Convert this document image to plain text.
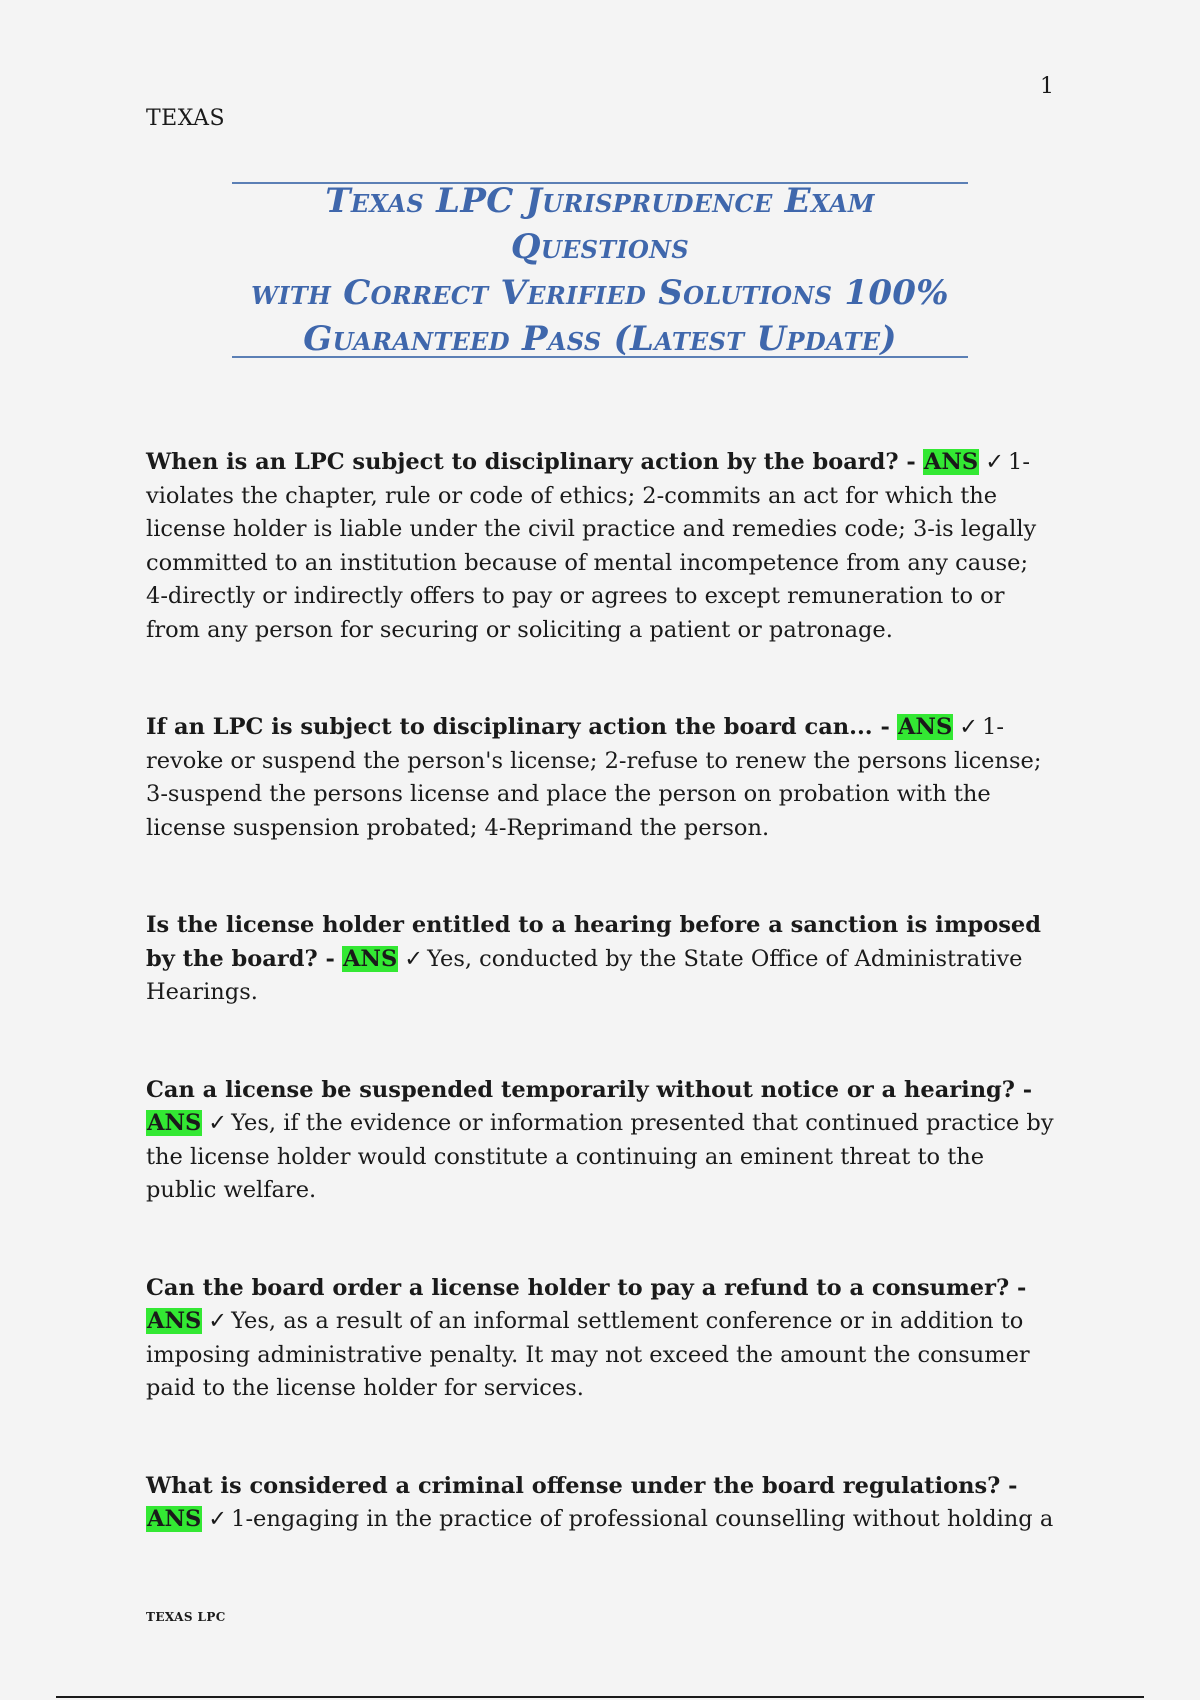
1
TEXAS
Texas LPC Jurisprudence Exam Questions
with Correct Verified Solutions 100%
Guaranteed Pass (Latest Update)

When is an LPC subject to disciplinary action by the board? - ANS ✓ 1-violates the chapter, rule or code of ethics; 2-commits an act for which the license holder is liable under the civil practice and remedies code; 3-is legally committed to an institution because of mental incompetence from any cause; 4-directly or indirectly offers to pay or agrees to except remuneration to or from any person for securing or soliciting a patient or patronage.

If an LPC is subject to disciplinary action the board can... - ANS ✓ 1-revoke or suspend the person's license; 2-refuse to renew the persons license; 3-suspend the persons license and place the person on probation with the license suspension probated; 4-Reprimand the person.

Is the license holder entitled to a hearing before a sanction is imposed by the board? - ANS ✓ Yes, conducted by the State Office of Administrative Hearings.

Can a license be suspended temporarily without notice or a hearing? - ANS ✓ Yes, if the evidence or information presented that continued practice by the license holder would constitute a continuing an eminent threat to the public welfare.

Can the board order a license holder to pay a refund to a consumer? - ANS ✓ Yes, as a result of an informal settlement conference or in addition to imposing administrative penalty. It may not exceed the amount the consumer paid to the license holder for services.

What is considered a criminal offense under the board regulations? - ANS ✓ 1-engaging in the practice of professional counselling without holding a

TEXAS LPC
